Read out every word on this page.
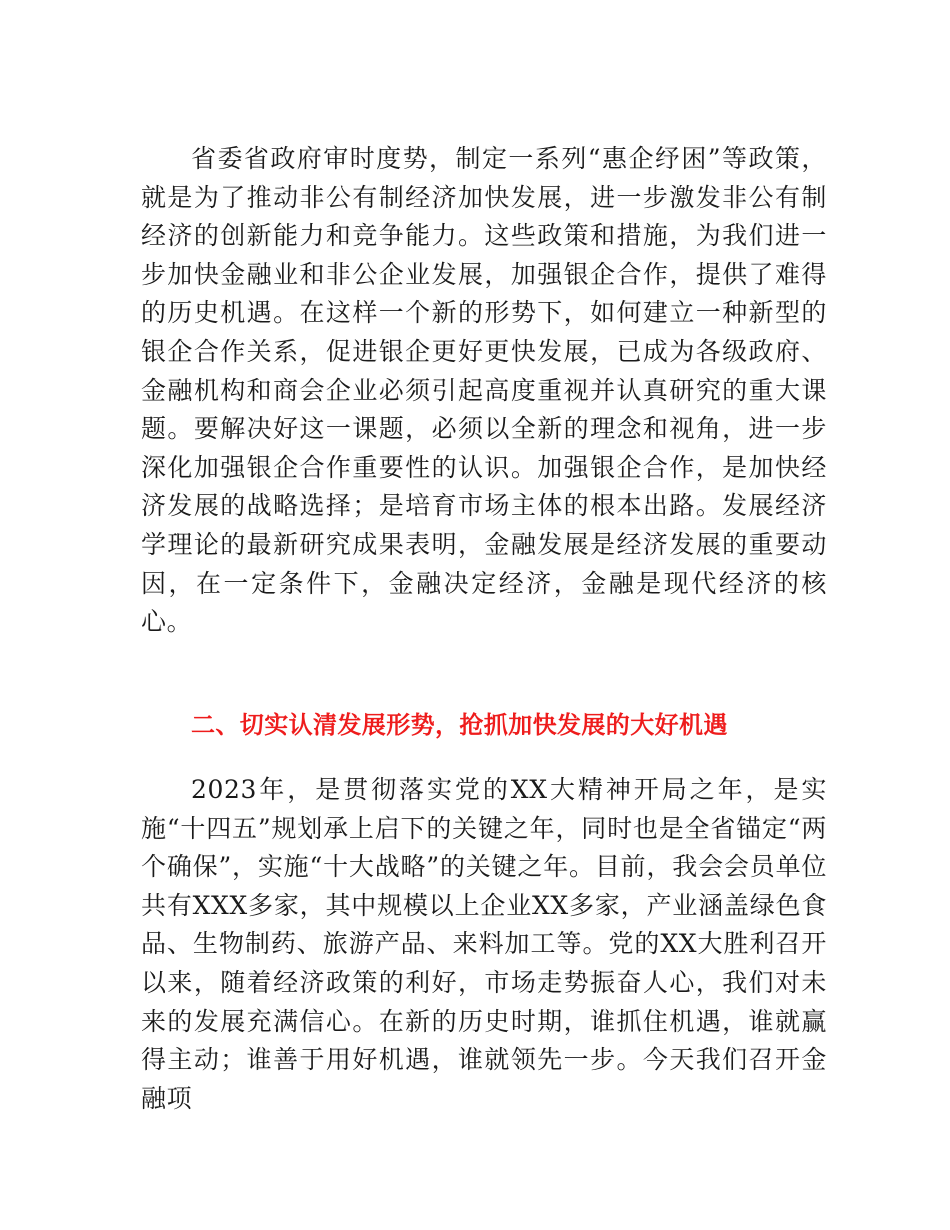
省委省政府审时度势，制定一系列“惠企纾困”等政策，就是为了推动非公有制经济加快发展，进一步激发非公有制经济的创新能力和竞争能力。这些政策和措施，为我们进一步加快金融业和非公企业发展，加强银企合作，提供了难得的历史机遇。在这样一个新的形势下，如何建立一种新型的银企合作关系，促进银企更好更快发展，已成为各级政府、金融机构和商会企业必须引起高度重视并认真研究的重大课题。要解决好这一课题，必须以全新的理念和视角，进一步深化加强银企合作重要性的认识。加强银企合作，是加快经济发展的战略选择；是培育市场主体的根本出路。发展经济学理论的最新研究成果表明，金融发展是经济发展的重要动因，在一定条件下，金融决定经济，金融是现代经济的核心。

二、切实认清发展形势，抢抓加快发展的大好机遇

2023年，是贯彻落实党的XX大精神开局之年，是实施“十四五”规划承上启下的关键之年，同时也是全省锚定“两个确保”，实施“十大战略”的关键之年。目前，我会会员单位共有XXX多家，其中规模以上企业XX多家，产业涵盖绿色食品、生物制药、旅游产品、来料加工等。党的XX大胜利召开以来，随着经济政策的利好，市场走势振奋人心，我们对未来的发展充满信心。在新的历史时期，谁抓住机遇，谁就赢得主动；谁善于用好机遇，谁就领先一步。今天我们召开金融项
